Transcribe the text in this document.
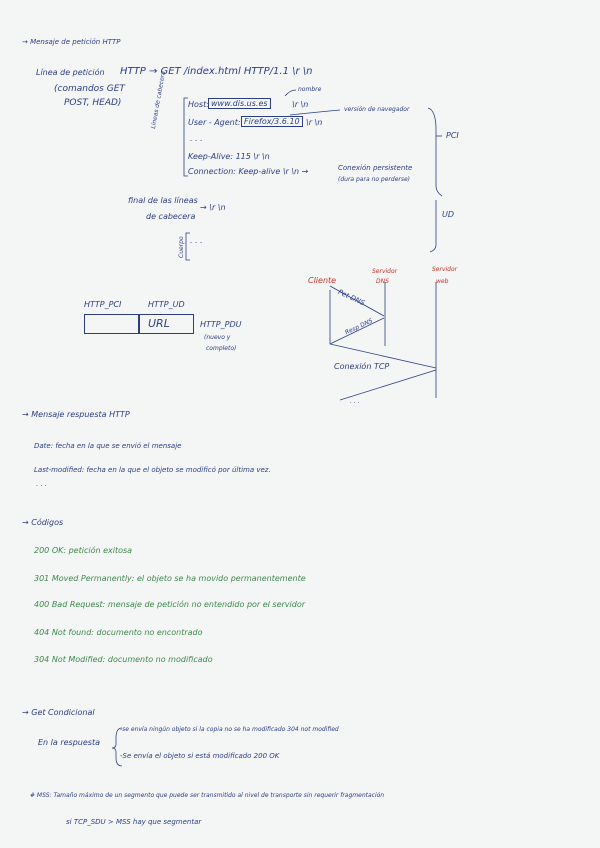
→ Mensaje de petición HTTP
Línea de petición HTTP → GET /index.html HTTP/1.1 \r \n
(comandos GET
POST, HEAD)	Líneas de cabecera	Host: www.dis.us.es	\r \n
nombre
User - Agent: Firefox/3.6.10 \r \n
versión de navegador
. . .
Keep-Alive: 115 \r \n
Connection: Keep-alive \r \n →	Conexión persistente
(dura para no perderse)
PCI
UD
final de las líneas
de cabecera
→ \r \n
Cuerpo . . .
HTTP_PCI	HTTP_UD
URL	HTTP_PDU
(nuevo y
completo)
Cliente
Servidor
DNS
Servidor
web
Pet DNS
Resp DNS
Conexión TCP
. . .
→ Mensaje respuesta HTTP
Date: fecha en la que se envió el mensaje
Last-modified: fecha en la que el objeto se modificó por última vez.
. . .
→ Códigos
200 OK: petición exitosa
301 Moved Permanently: el objeto se ha movido permanentemente
400 Bad Request: mensaje de petición no entendido por el servidor
404 Not found: documento no encontrado
304 Not Modified: documento no modificado
→ Get Condicional
En la respuesta
-se envía ningún objeto si la copia no se ha modificado 304 not modified
-Se envía el objeto si está modificado 200 OK
# MSS: Tamaño máximo de un segmento que puede ser transmitido al nivel de transporte sin requerir fragmentación
si TCP_SDU > MSS hay que segmentar
